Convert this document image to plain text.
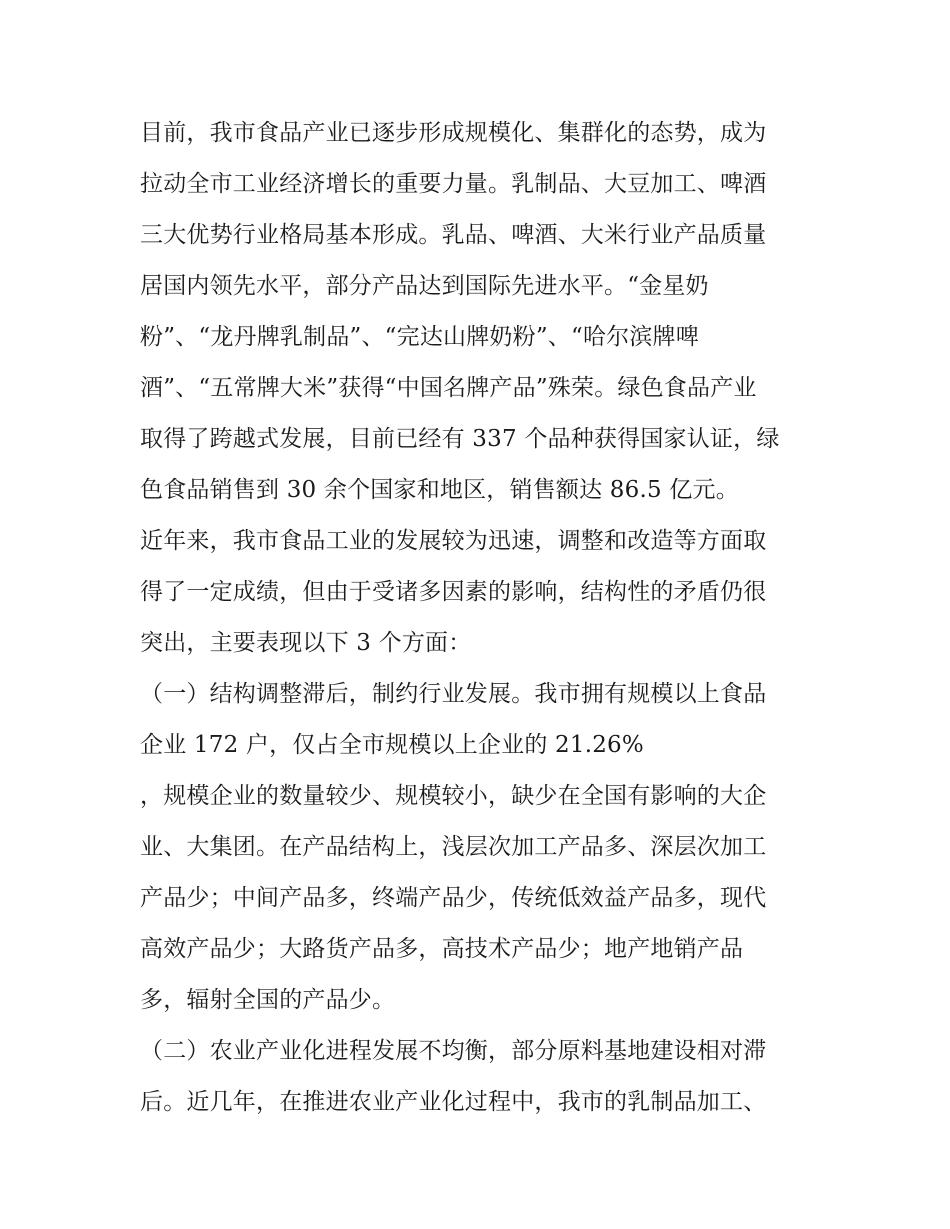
目前，我市食品产业已逐步形成规模化、集群化的态势，成为
拉动全市工业经济增长的重要力量。乳制品、大豆加工、啤酒
三大优势行业格局基本形成。乳品、啤酒、大米行业产品质量
居国内领先水平，部分产品达到国际先进水平。“金星奶
粉”、“龙丹牌乳制品”、“完达山牌奶粉”、“哈尔滨牌啤
酒”、“五常牌大米”获得“中国名牌产品”殊荣。绿色食品产业
取得了跨越式发展，目前已经有 337 个品种获得国家认证，绿
色食品销售到 30 余个国家和地区，销售额达 86.5 亿元。
近年来，我市食品工业的发展较为迅速，调整和改造等方面取
得了一定成绩，但由于受诸多因素的影响，结构性的矛盾仍很
突出，主要表现以下 3 个方面：
（一）结构调整滞后，制约行业发展。我市拥有规模以上食品
企业 172 户，仅占全市规模以上企业的 21.26%
，规模企业的数量较少、规模较小，缺少在全国有影响的大企
业、大集团。在产品结构上，浅层次加工产品多、深层次加工
产品少；中间产品多，终端产品少，传统低效益产品多，现代
高效产品少；大路货产品多，高技术产品少；地产地销产品
多，辐射全国的产品少。
（二）农业产业化进程发展不均衡，部分原料基地建设相对滞
后。近几年，在推进农业产业化过程中，我市的乳制品加工、
